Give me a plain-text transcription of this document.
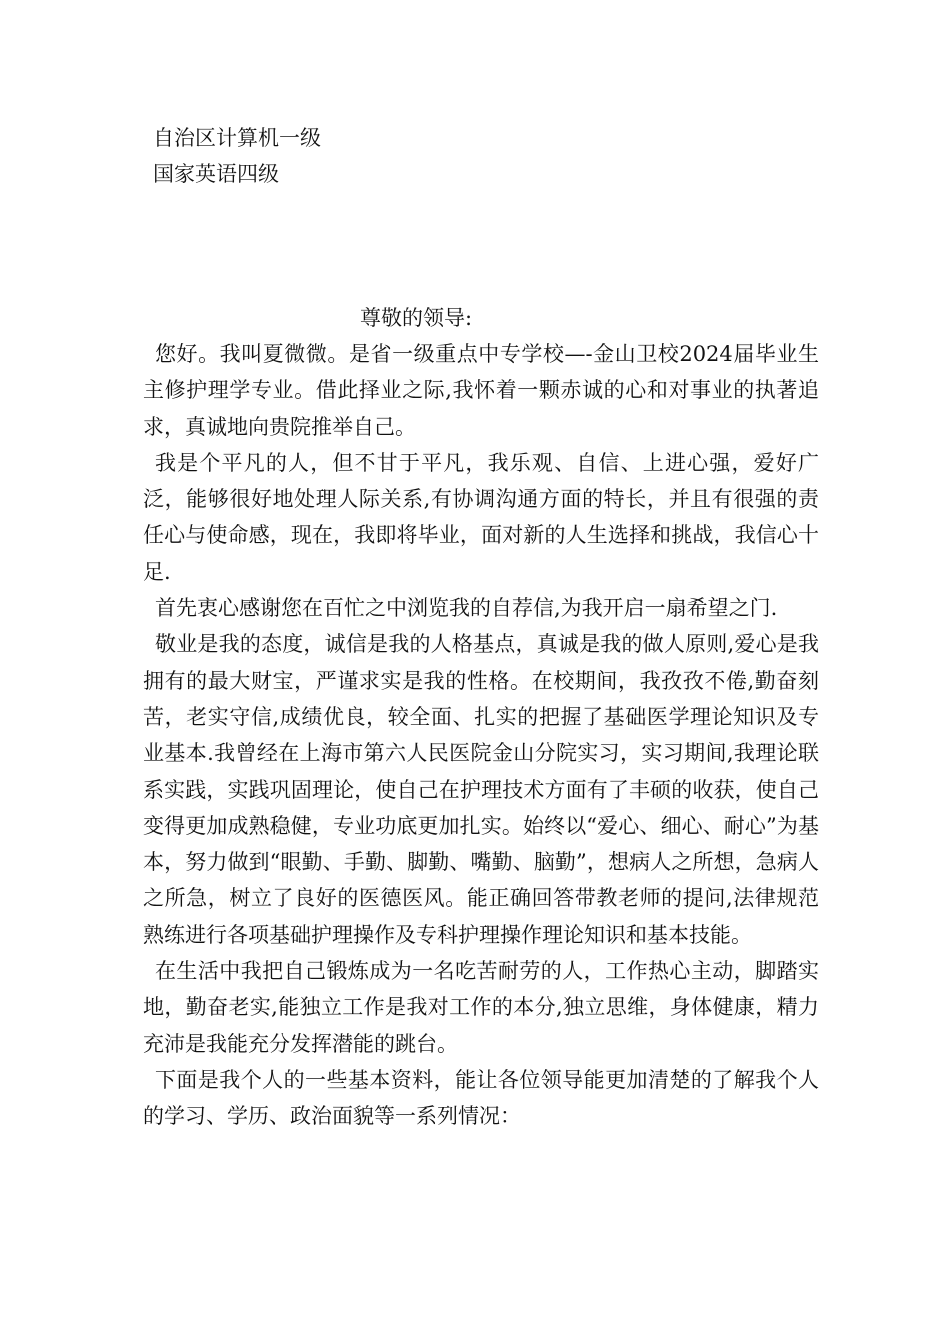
自治区计算机一级
国家英语四级

尊敬的领导:

您好。我叫夏微微。是省一级重点中专学校—-金山卫校2024届毕业生主修护理学专业。借此择业之际,我怀着一颗赤诚的心和对事业的执著追求，真诚地向贵院推举自己。

我是个平凡的人，但不甘于平凡，我乐观、自信、上进心强，爱好广泛，能够很好地处理人际关系,有协调沟通方面的特长，并且有很强的责任心与使命感，现在，我即将毕业，面对新的人生选择和挑战，我信心十足.

首先衷心感谢您在百忙之中浏览我的自荐信,为我开启一扇希望之门.

敬业是我的态度，诚信是我的人格基点，真诚是我的做人原则,爱心是我拥有的最大财宝，严谨求实是我的性格。在校期间，我孜孜不倦,勤奋刻苦，老实守信,成绩优良，较全面、扎实的把握了基础医学理论知识及专业基本.我曾经在上海市第六人民医院金山分院实习，实习期间,我理论联系实践，实践巩固理论，使自己在护理技术方面有了丰硕的收获，使自己变得更加成熟稳健，专业功底更加扎实。始终以“爱心、细心、耐心”为基本，努力做到“眼勤、手勤、脚勤、嘴勤、脑勤”，想病人之所想，急病人之所急，树立了良好的医德医风。能正确回答带教老师的提问,法律规范熟练进行各项基础护理操作及专科护理操作理论知识和基本技能。

在生活中我把自己锻炼成为一名吃苦耐劳的人，工作热心主动，脚踏实地，勤奋老实,能独立工作是我对工作的本分,独立思维，身体健康，精力充沛是我能充分发挥潜能的跳台。

下面是我个人的一些基本资料，能让各位领导能更加清楚的了解我个人的学习、学历、政治面貌等一系列情况：
